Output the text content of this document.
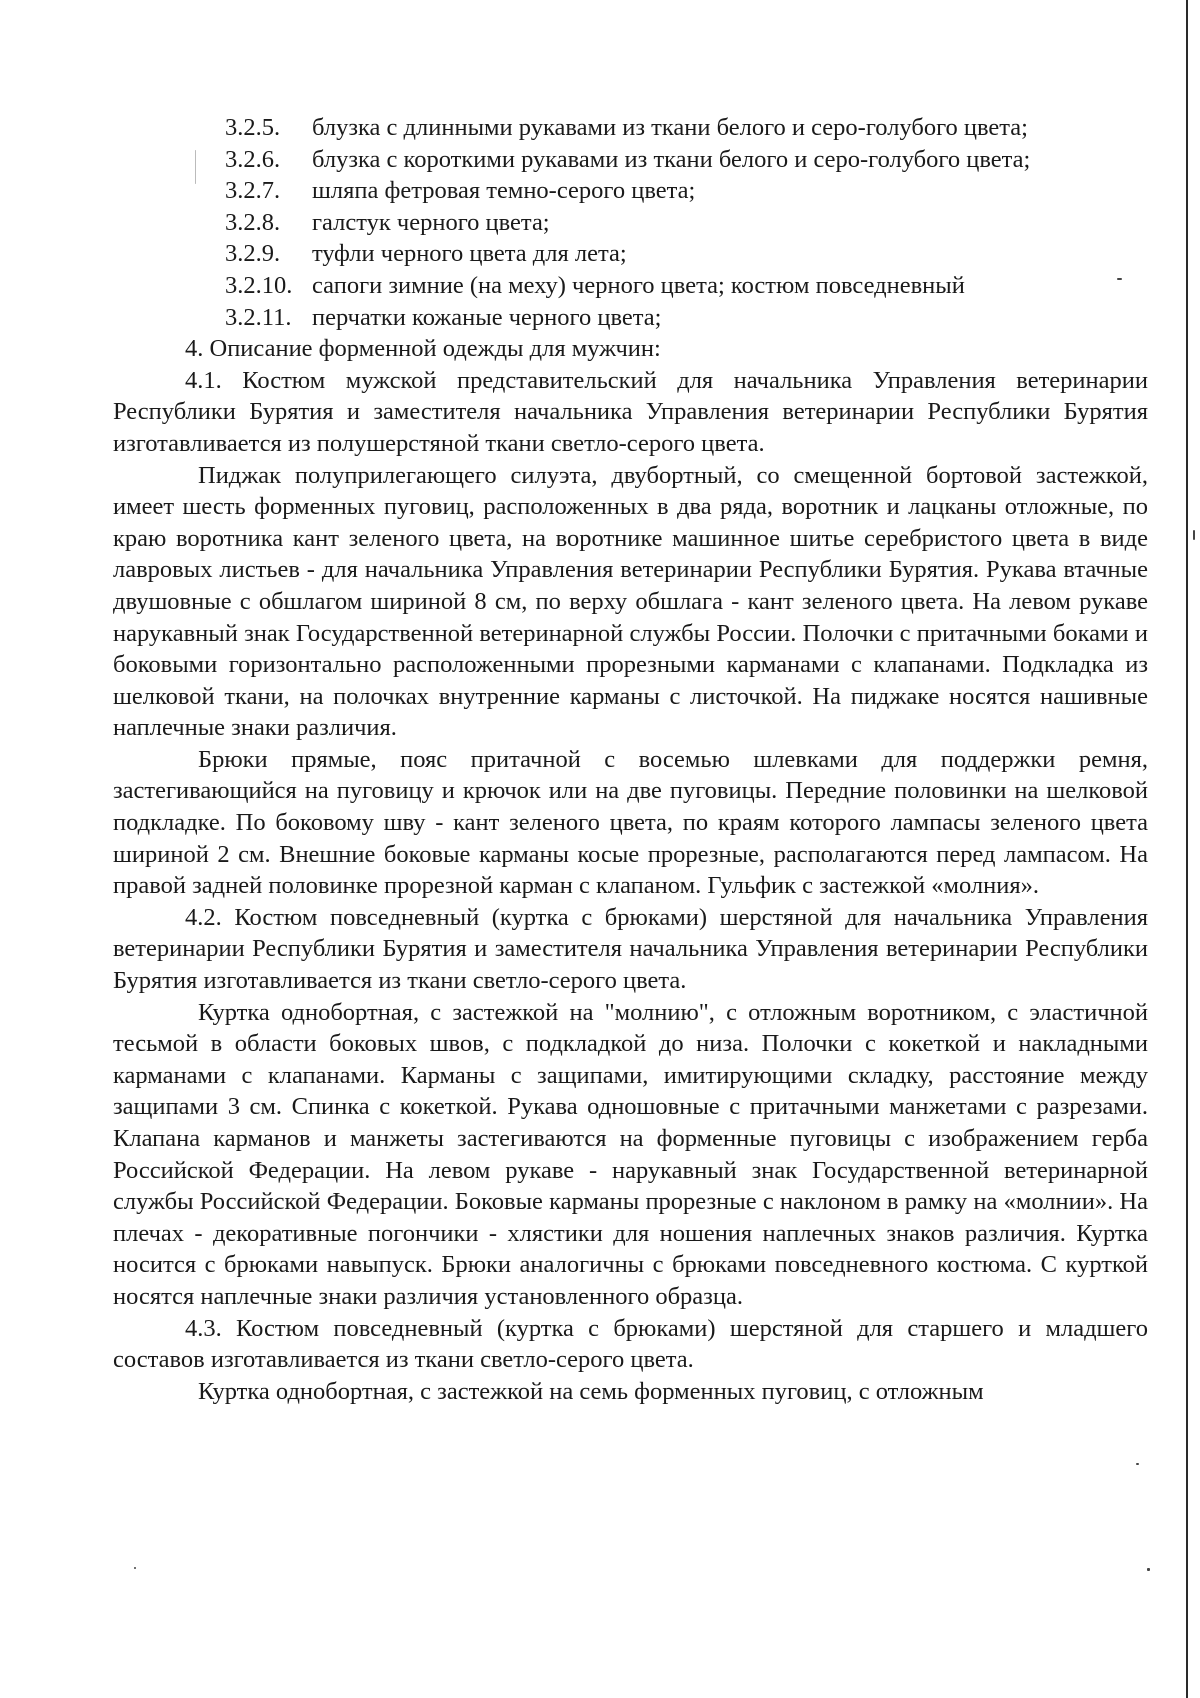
3.2.5. блузка с длинными рукавами из ткани белого и серо-голубого цвета;
3.2.6. блузка с короткими рукавами из ткани белого и серо-голубого цвета;
3.2.7. шляпа фетровая темно-серого цвета;
3.2.8. галстук черного цвета;
3.2.9. туфли черного цвета для лета;
3.2.10. сапоги зимние (на меху) черного цвета; костюм повседневный
3.2.11. перчатки кожаные черного цвета;
4. Описание форменной одежды для мужчин:

4.1. Костюм мужской представительский для начальника Управления ветеринарии Республики Бурятия и заместителя начальника Управления ветеринарии Республики Бурятия изготавливается из полушерстяной ткани светло-серого цвета.

Пиджак полуприлегающего силуэта, двубортный, со смещенной бортовой застежкой, имеет шесть форменных пуговиц, расположенных в два ряда, воротник и лацканы отложные, по краю воротника кант зеленого цвета, на воротнике машинное шитье серебристого цвета в виде лавровых листьев - для начальника Управления ветеринарии Республики Бурятия. Рукава втачные двушовные с обшлагом шириной 8 см, по верху обшлага - кант зеленого цвета. На левом рукаве нарукавный знак Государственной ветеринарной службы России. Полочки с притачными боками и боковыми горизонтально расположенными прорезными карманами с клапанами. Подкладка из шелковой ткани, на полочках внутренние карманы с листочкой. На пиджаке носятся нашивные наплечные знаки различия.

Брюки прямые, пояс притачной с восемью шлевками для поддержки ремня, застегивающийся на пуговицу и крючок или на две пуговицы. Передние половинки на шелковой подкладке. По боковому шву - кант зеленого цвета, по краям которого лампасы зеленого цвета шириной 2 см. Внешние боковые карманы косые прорезные, располагаются перед лампасом. На правой задней половинке прорезной карман с клапаном. Гульфик с застежкой «молния».

4.2. Костюм повседневный (куртка с брюками) шерстяной для начальника Управления ветеринарии Республики Бурятия и заместителя начальника Управления ветеринарии Республики Бурятия изготавливается из ткани светло-серого цвета.

Куртка однобортная, с застежкой на "молнию", с отложным воротником, с эластичной тесьмой в области боковых швов, с подкладкой до низа. Полочки с кокеткой и накладными карманами с клапанами. Карманы с защипами, имитирующими складку, расстояние между защипами 3 см. Спинка с кокеткой. Рукава одношовные с притачными манжетами с разрезами. Клапана карманов и манжеты застегиваются на форменные пуговицы с изображением герба Российской Федерации. На левом рукаве - нарукавный знак Государственной ветеринарной службы Российской Федерации. Боковые карманы прорезные с наклоном в рамку на «молнии». На плечах - декоративные погончики - хлястики для ношения наплечных знаков различия. Куртка носится с брюками навыпуск. Брюки аналогичны с брюками повседневного костюма. С курткой носятся наплечные знаки различия установленного образца.

4.3. Костюм повседневный (куртка с брюками) шерстяной для старшего и младшего составов изготавливается из ткани светло-серого цвета.

Куртка однобортная, с застежкой на семь форменных пуговиц, с отложным
